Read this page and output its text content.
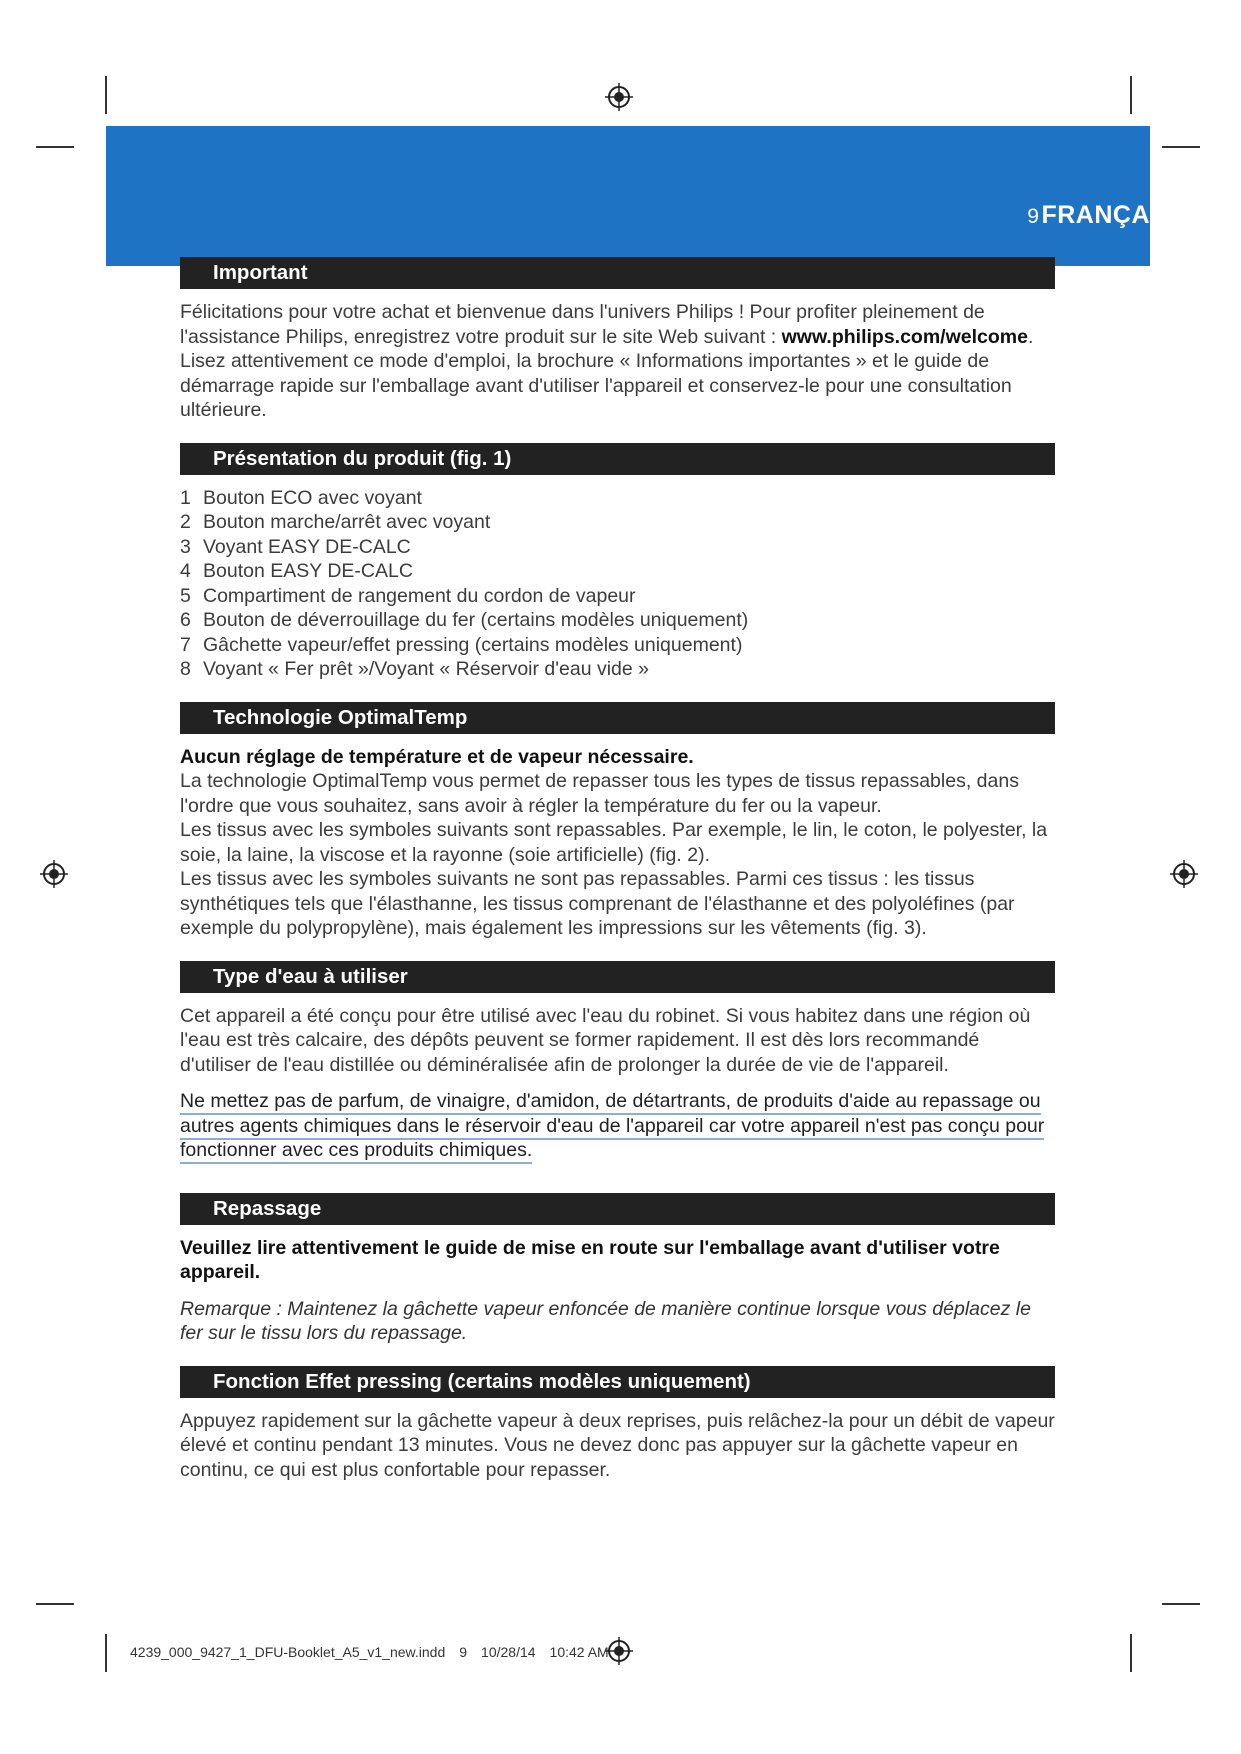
9FRANÇA
Important

Félicitations pour votre achat et bienvenue dans l'univers Philips ! Pour profiter pleinement de l'assistance Philips, enregistrez votre produit sur le site Web suivant : www.philips.com/welcome.

Lisez attentivement ce mode d'emploi, la brochure « Informations importantes » et le guide de démarrage rapide sur l'emballage avant d'utiliser l'appareil et conservez-le pour une consultation ultérieure.

Présentation du produit (fig. 1)
1 Bouton ECO avec voyant
2 Bouton marche/arrêt avec voyant
3 Voyant EASY DE-CALC
4 Bouton EASY DE-CALC
5 Compartiment de rangement du cordon de vapeur
6 Bouton de déverrouillage du fer (certains modèles uniquement)
7 Gâchette vapeur/effet pressing (certains modèles uniquement)
8 Voyant « Fer prêt »/Voyant « Réservoir d'eau vide »
Technologie OptimalTemp

Aucun réglage de température et de vapeur nécessaire.

La technologie OptimalTemp vous permet de repasser tous les types de tissus repassables, dans l'ordre que vous souhaitez, sans avoir à régler la température du fer ou la vapeur.

Les tissus avec les symboles suivants sont repassables. Par exemple, le lin, le coton, le polyester, la soie, la laine, la viscose et la rayonne (soie artificielle) (fig. 2).

Les tissus avec les symboles suivants ne sont pas repassables. Parmi ces tissus : les tissus synthétiques tels que l'élasthanne, les tissus comprenant de l'élasthanne et des polyoléfines (par exemple du polypropylène), mais également les impressions sur les vêtements (fig. 3).

Type d'eau à utiliser

Cet appareil a été conçu pour être utilisé avec l'eau du robinet. Si vous habitez dans une région où l'eau est très calcaire, des dépôts peuvent se former rapidement. Il est dès lors recommandé d'utiliser de l'eau distillée ou déminéralisée afin de prolonger la durée de vie de l'appareil.

Ne mettez pas de parfum, de vinaigre, d'amidon, de détartrants, de produits d'aide au repassage ou autres agents chimiques dans le réservoir d'eau de l'appareil car votre appareil n'est pas conçu pour fonctionner avec ces produits chimiques.

Repassage

Veuillez lire attentivement le guide de mise en route sur l'emballage avant d'utiliser votre appareil.

Remarque : Maintenez la gâchette vapeur enfoncée de manière continue lorsque vous déplacez le fer sur le tissu lors du repassage.

Fonction Effet pressing (certains modèles uniquement)

Appuyez rapidement sur la gâchette vapeur à deux reprises, puis relâchez-la pour un débit de vapeur élevé et continu pendant 13 minutes. Vous ne devez donc pas appuyer sur la gâchette vapeur en continu, ce qui est plus confortable pour repasser.

4239_000_9427_1_DFU-Booklet_A5_v1_new.indd 9 10/28/14 10:42 AM
